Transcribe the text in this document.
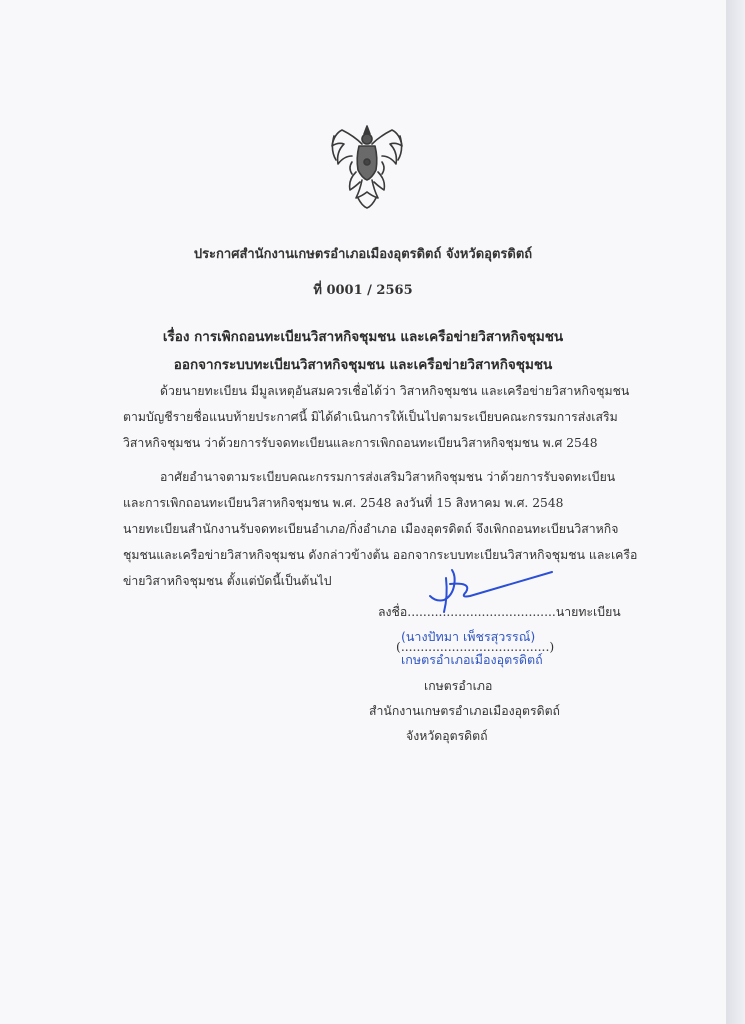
ประกาศสำนักงานเกษตรอำเภอเมืองอุตรดิตถ์ จังหวัดอุตรดิตถ์
ที่ 0001 / 2565
เรื่อง การเพิกถอนทะเบียนวิสาหกิจชุมชน และเครือข่ายวิสาหกิจชุมชน
ออกจากระบบทะเบียนวิสาหกิจชุมชน และเครือข่ายวิสาหกิจชุมชน
ด้วยนายทะเบียน มีมูลเหตุอันสมควรเชื่อได้ว่า วิสาหกิจชุมชน และเครือข่ายวิสาหกิจชุมชน
ตามบัญชีรายชื่อแนบท้ายประกาศนี้ มิได้ดำเนินการให้เป็นไปตามระเบียบคณะกรรมการส่งเสริม
วิสาหกิจชุมชน ว่าด้วยการรับจดทะเบียนและการเพิกถอนทะเบียนวิสาหกิจชุมชน พ.ศ 2548
อาศัยอำนาจตามระเบียบคณะกรรมการส่งเสริมวิสาหกิจชุมชน ว่าด้วยการรับจดทะเบียน
และการเพิกถอนทะเบียนวิสาหกิจชุมชน พ.ศ. 2548 ลงวันที่ 15 สิงหาคม พ.ศ. 2548
นายทะเบียนสำนักงานรับจดทะเบียนอำเภอ/กิ่งอำเภอ เมืองอุตรดิตถ์ จึงเพิกถอนทะเบียนวิสาหกิจ
ชุมชนและเครือข่ายวิสาหกิจชุมชน ดังกล่าวข้างต้น ออกจากระบบทะเบียนวิสาหกิจชุมชน และเครือ
ข่ายวิสาหกิจชุมชน ตั้งแต่บัดนี้เป็นต้นไป
ลงชื่อ......................................นายทะเบียน
(นางปัทมา เพ็ชรสุวรรณ์)
(......................................)
เกษตรอำเภอเมืองอุตรดิตถ์
เกษตรอำเภอ
สำนักงานเกษตรอำเภอเมืองอุตรดิตถ์
จังหวัดอุตรดิตถ์
